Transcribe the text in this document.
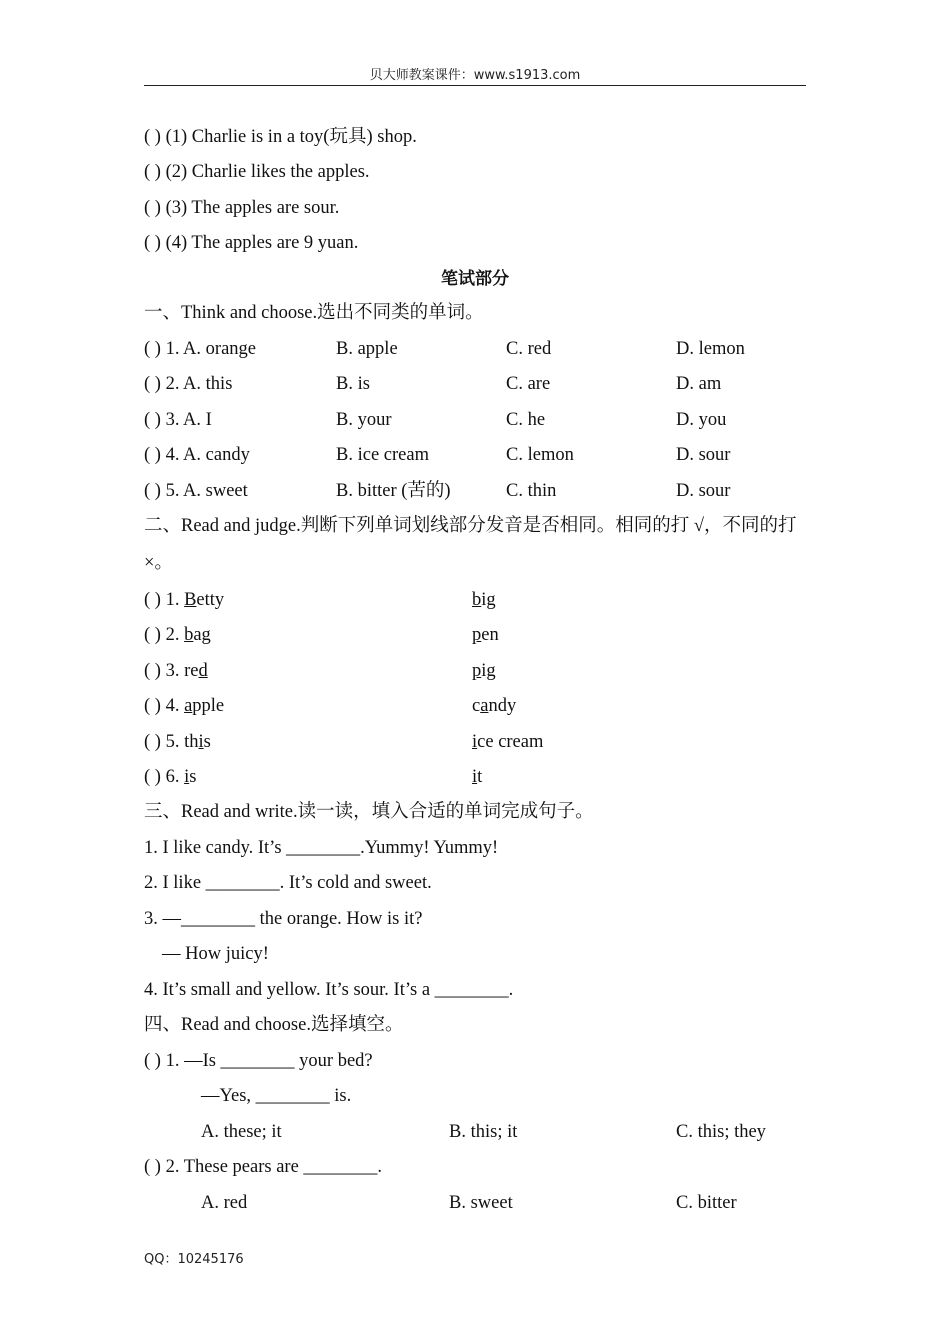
贝大师教案课件：www.s1913.com
( ) (1) Charlie is in a toy(玩具) shop.
( ) (2) Charlie likes the apples.
( ) (3) The apples are sour.
( ) (4) The apples are 9 yuan.
笔试部分
一、Think and choose.选出不同类的单词。
( ) 1. A. orange	B. apple	C. red	D. lemon
( ) 2. A. this	B. is	C. are	D. am
( ) 3. A. I	B. your	C. he	D. you
( ) 4. A. candy	B. ice cream	C. lemon	D. sour
( ) 5. A. sweet	B. bitter (苦的)	C. thin	D. sour
二、Read and judge.判断下列单词划线部分发音是否相同。相同的打 √，不同的打
×。
( ) 1. Betty	big
( ) 2. bag	pen
( ) 3. red	pig
( ) 4. apple	candy
( ) 5. this	ice cream
( ) 6. is	it
三、Read and write.读一读，填入合适的单词完成句子。
1. I like candy. It’s ________.Yummy! Yummy!
2. I like ________. It’s cold and sweet.
3. —________ the orange. How is it?
— How juicy!
4. It’s small and yellow. It’s sour. It’s a ________.
四、Read and choose.选择填空。
( ) 1. —Is ________ your bed?
—Yes, ________ is.
A. these; it	B. this; it	C. this; they
( ) 2. These pears are ________.
A. red	B. sweet	C. bitter
QQ：10245176
